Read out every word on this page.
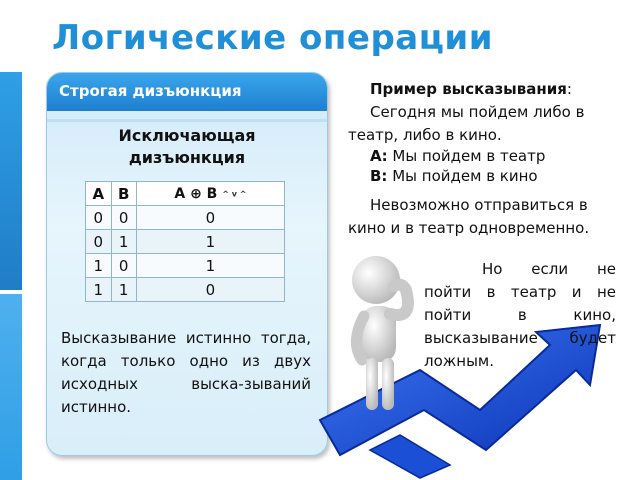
Логические операции
Строгая дизъюнкция
Исключающая дизъюнкция
A	B	A ⊕ B ^ v ^
0	0	0
0	1	1
1	0	1
1	1	0
Высказывание истинно тогда, когда только одно из двух исходных выска-зываний истинно.
Пример высказывания:
Сегодня мы пойдем либо в театр, либо в кино.
А: Мы пойдем в театр
В: Мы пойдем в кино
Невозможно отправиться в кино и в театр одновременно.
Но если не пойти в театр и не пойти в кино, высказывание будет ложным.
